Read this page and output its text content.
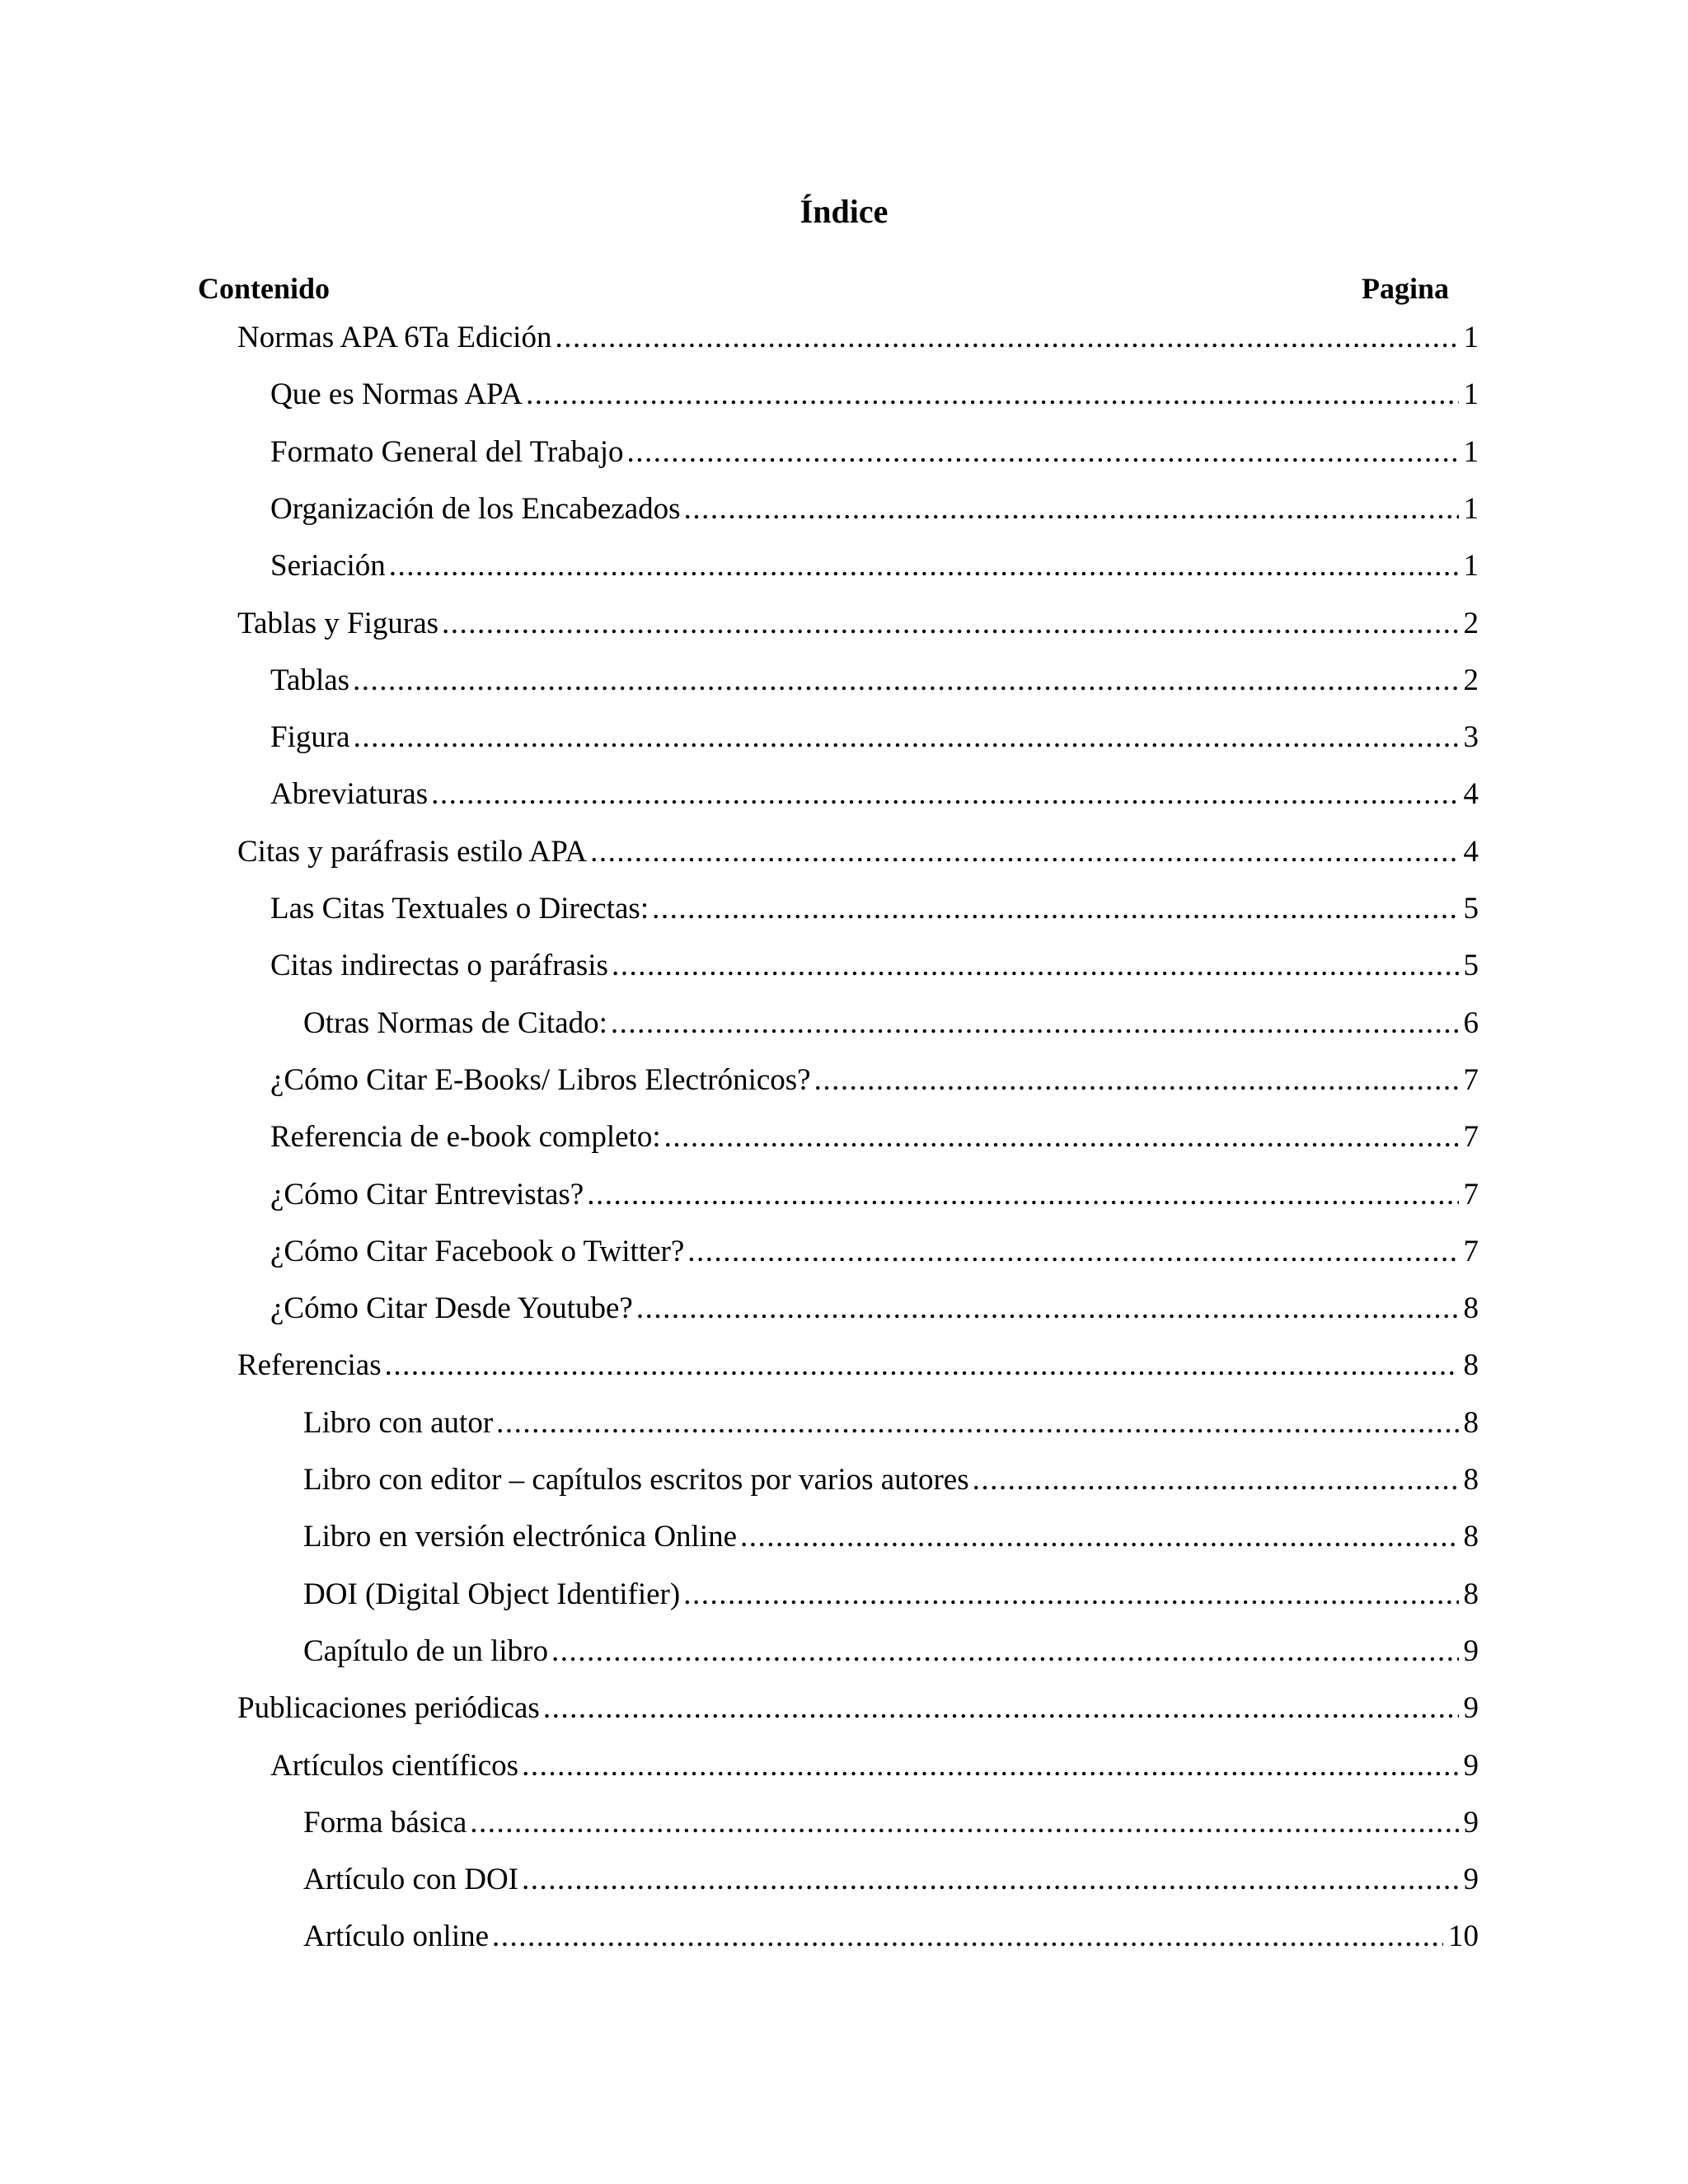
Índice
Contenido	Pagina
Normas APA 6Ta Edición .....	1
Que es Normas APA .....	1
Formato General del Trabajo .....	1
Organización de los Encabezados .....	1
Seriación .....	1
Tablas y Figuras .....	2
Tablas .....	2
Figura .....	3
Abreviaturas .....	4
Citas y paráfrasis estilo APA .....	4
Las Citas Textuales o Directas: .....	5
Citas indirectas o paráfrasis .....	5
Otras Normas de Citado: .....	6
¿Cómo Citar E-Books/ Libros Electrónicos? .....	7
Referencia de e-book completo: .....	7
¿Cómo Citar Entrevistas? .....	7
¿Cómo Citar Facebook o Twitter? .....	7
¿Cómo Citar Desde Youtube? .....	8
Referencias .....	8
Libro con autor .....	8
Libro con editor – capítulos escritos por varios autores .....	8
Libro en versión electrónica Online .....	8
DOI (Digital Object Identifier) .....	8
Capítulo de un libro .....	9
Publicaciones periódicas .....	9
Artículos científicos .....	9
Forma básica .....	9
Artículo con DOI .....	9
Artículo online .....	10
